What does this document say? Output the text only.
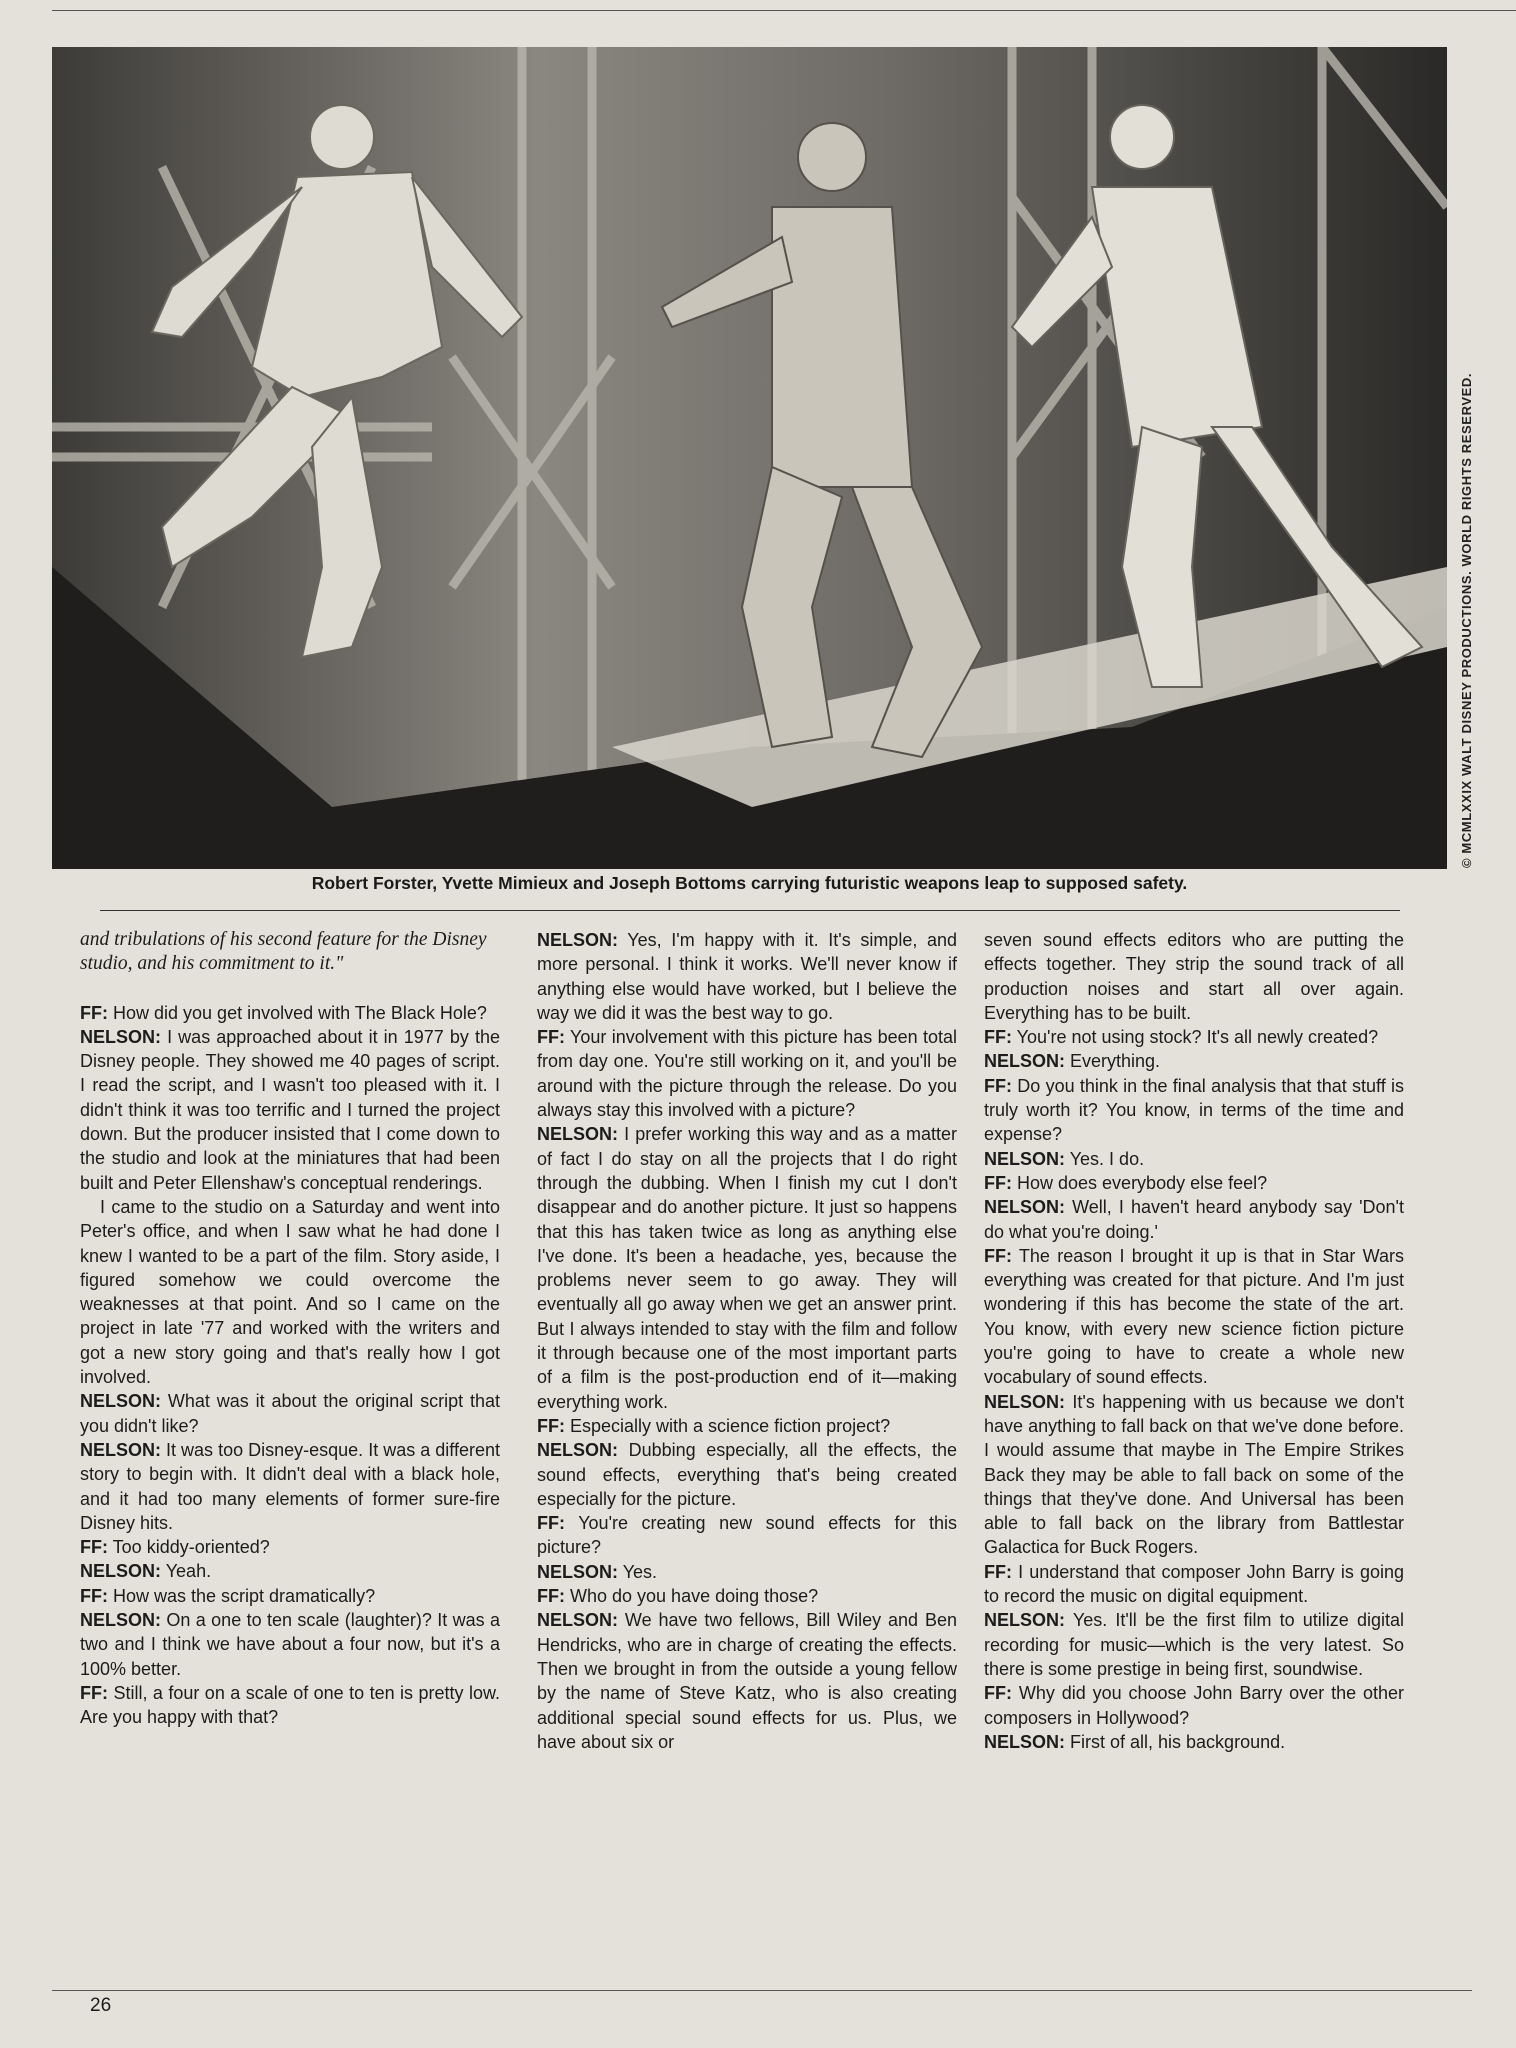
© MCMLXXIX WALT DISNEY PRODUCTIONS. WORLD RIGHTS RESERVED.
Robert Forster, Yvette Mimieux and Joseph Bottoms carrying futuristic weapons leap to supposed safety.

and tribulations of his second feature for the Disney studio, and his commitment to it."

FF: How did you get involved with The Black Hole?

NELSON: I was approached about it in 1977 by the Disney people. They showed me 40 pages of script. I read the script, and I wasn't too pleased with it. I didn't think it was too terrific and I turned the project down. But the producer insisted that I come down to the studio and look at the miniatures that had been built and Peter Ellenshaw's conceptual renderings.

I came to the studio on a Saturday and went into Peter's office, and when I saw what he had done I knew I wanted to be a part of the film. Story aside, I figured somehow we could overcome the weaknesses at that point. And so I came on the project in late '77 and worked with the writers and got a new story going and that's really how I got involved.

NELSON: What was it about the original script that you didn't like?

NELSON: It was too Disney-esque. It was a different story to begin with. It didn't deal with a black hole, and it had too many elements of former sure-fire Disney hits.

FF: Too kiddy-oriented?

NELSON: Yeah.

FF: How was the script dramatically?

NELSON: On a one to ten scale (laughter)? It was a two and I think we have about a four now, but it's a 100% better.

FF: Still, a four on a scale of one to ten is pretty low. Are you happy with that?

NELSON: Yes, I'm happy with it. It's simple, and more personal. I think it works. We'll never know if anything else would have worked, but I believe the way we did it was the best way to go.

FF: Your involvement with this picture has been total from day one. You're still working on it, and you'll be around with the picture through the release. Do you always stay this involved with a picture?

NELSON: I prefer working this way and as a matter of fact I do stay on all the projects that I do right through the dubbing. When I finish my cut I don't disappear and do another picture. It just so happens that this has taken twice as long as anything else I've done. It's been a headache, yes, because the problems never seem to go away. They will eventually all go away when we get an answer print. But I always intended to stay with the film and follow it through because one of the most important parts of a film is the post-production end of it—making everything work.

FF: Especially with a science fiction project?

NELSON: Dubbing especially, all the effects, the sound effects, everything that's being created especially for the picture.

FF: You're creating new sound effects for this picture?

NELSON: Yes.

FF: Who do you have doing those?

NELSON: We have two fellows, Bill Wiley and Ben Hendricks, who are in charge of creating the effects. Then we brought in from the outside a young fellow by the name of Steve Katz, who is also creating additional special sound effects for us. Plus, we have about six or

seven sound effects editors who are putting the effects together. They strip the sound track of all production noises and start all over again. Everything has to be built.

FF: You're not using stock? It's all newly created?

NELSON: Everything.

FF: Do you think in the final analysis that that stuff is truly worth it? You know, in terms of the time and expense?

NELSON: Yes. I do.

FF: How does everybody else feel?

NELSON: Well, I haven't heard anybody say 'Don't do what you're doing.'

FF: The reason I brought it up is that in Star Wars everything was created for that picture. And I'm just wondering if this has become the state of the art. You know, with every new science fiction picture you're going to have to create a whole new vocabulary of sound effects.

NELSON: It's happening with us because we don't have anything to fall back on that we've done before. I would assume that maybe in The Empire Strikes Back they may be able to fall back on some of the things that they've done. And Universal has been able to fall back on the library from Battlestar Galactica for Buck Rogers.

FF: I understand that composer John Barry is going to record the music on digital equipment.

NELSON: Yes. It'll be the first film to utilize digital recording for music—which is the very latest. So there is some prestige in being first, soundwise.

FF: Why did you choose John Barry over the other composers in Hollywood?

NELSON: First of all, his background.

26
